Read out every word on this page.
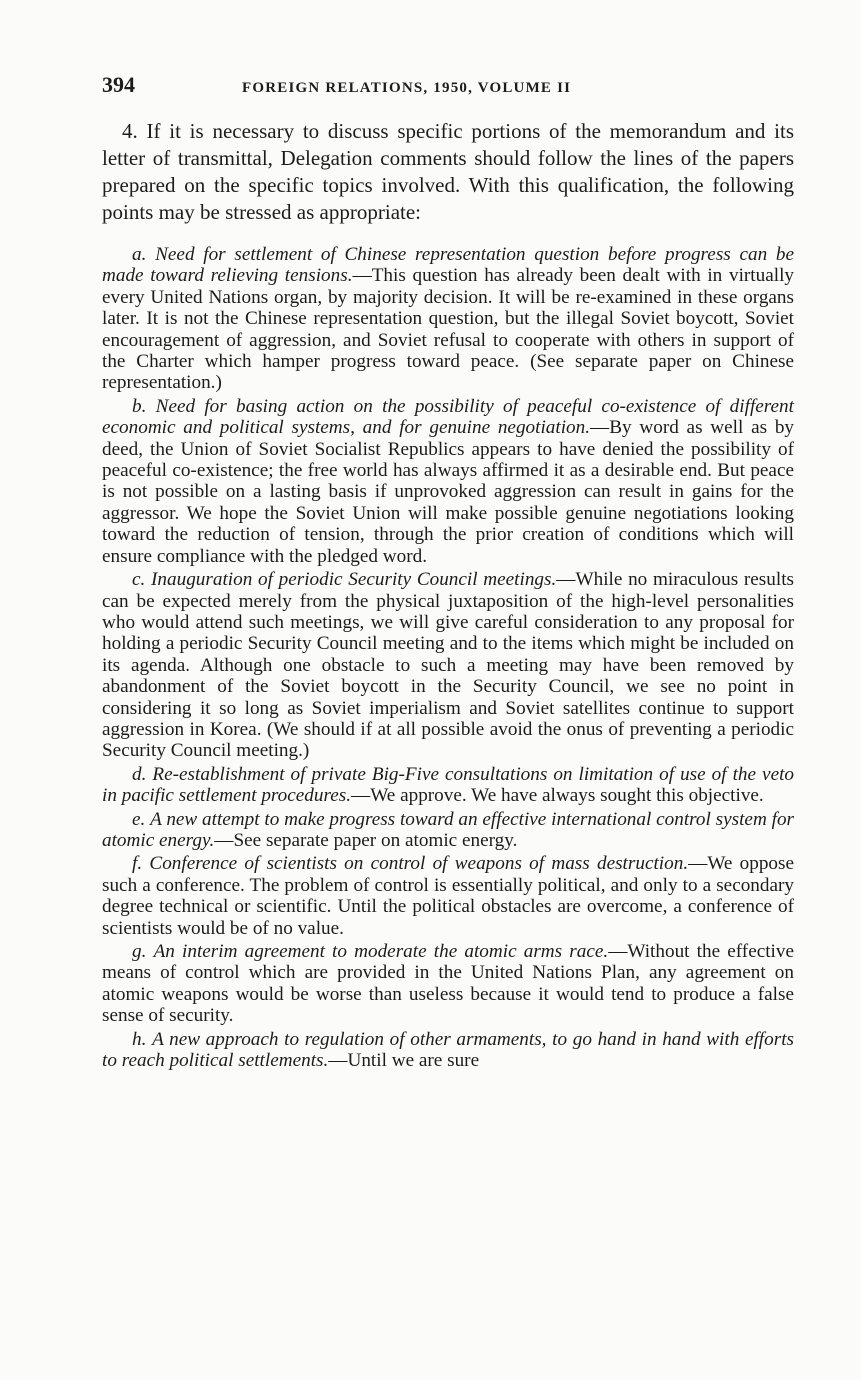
394	FOREIGN RELATIONS, 1950, VOLUME II

4. If it is necessary to discuss specific portions of the memorandum and its letter of transmittal, Delegation comments should follow the lines of the papers prepared on the specific topics involved. With this qualification, the following points may be stressed as appropriate:

a. Need for settlement of Chinese representation question before progress can be made toward relieving tensions.—This question has already been dealt with in virtually every United Nations organ, by majority decision. It will be re-examined in these organs later. It is not the Chinese representation question, but the illegal Soviet boycott, Soviet encouragement of aggression, and Soviet refusal to cooperate with others in support of the Charter which hamper progress toward peace. (See separate paper on Chinese representation.)

b. Need for basing action on the possibility of peaceful co-existence of different economic and political systems, and for genuine negotiation.—By word as well as by deed, the Union of Soviet Socialist Republics appears to have denied the possibility of peaceful co-existence; the free world has always affirmed it as a desirable end. But peace is not possible on a lasting basis if unprovoked aggression can result in gains for the aggressor. We hope the Soviet Union will make possible genuine negotiations looking toward the reduction of tension, through the prior creation of conditions which will ensure compliance with the pledged word.

c. Inauguration of periodic Security Council meetings.—While no miraculous results can be expected merely from the physical juxtaposition of the high-level personalities who would attend such meetings, we will give careful consideration to any proposal for holding a periodic Security Council meeting and to the items which might be included on its agenda. Although one obstacle to such a meeting may have been removed by abandonment of the Soviet boycott in the Security Council, we see no point in considering it so long as Soviet imperialism and Soviet satellites continue to support aggression in Korea. (We should if at all possible avoid the onus of preventing a periodic Security Council meeting.)

d. Re-establishment of private Big-Five consultations on limitation of use of the veto in pacific settlement procedures.—We approve. We have always sought this objective.

e. A new attempt to make progress toward an effective international control system for atomic energy.—See separate paper on atomic energy.

f. Conference of scientists on control of weapons of mass destruction.—We oppose such a conference. The problem of control is essentially political, and only to a secondary degree technical or scientific. Until the political obstacles are overcome, a conference of scientists would be of no value.

g. An interim agreement to moderate the atomic arms race.—Without the effective means of control which are provided in the United Nations Plan, any agreement on atomic weapons would be worse than useless because it would tend to produce a false sense of security.

h. A new approach to regulation of other armaments, to go hand in hand with efforts to reach political settlements.—Until we are sure
